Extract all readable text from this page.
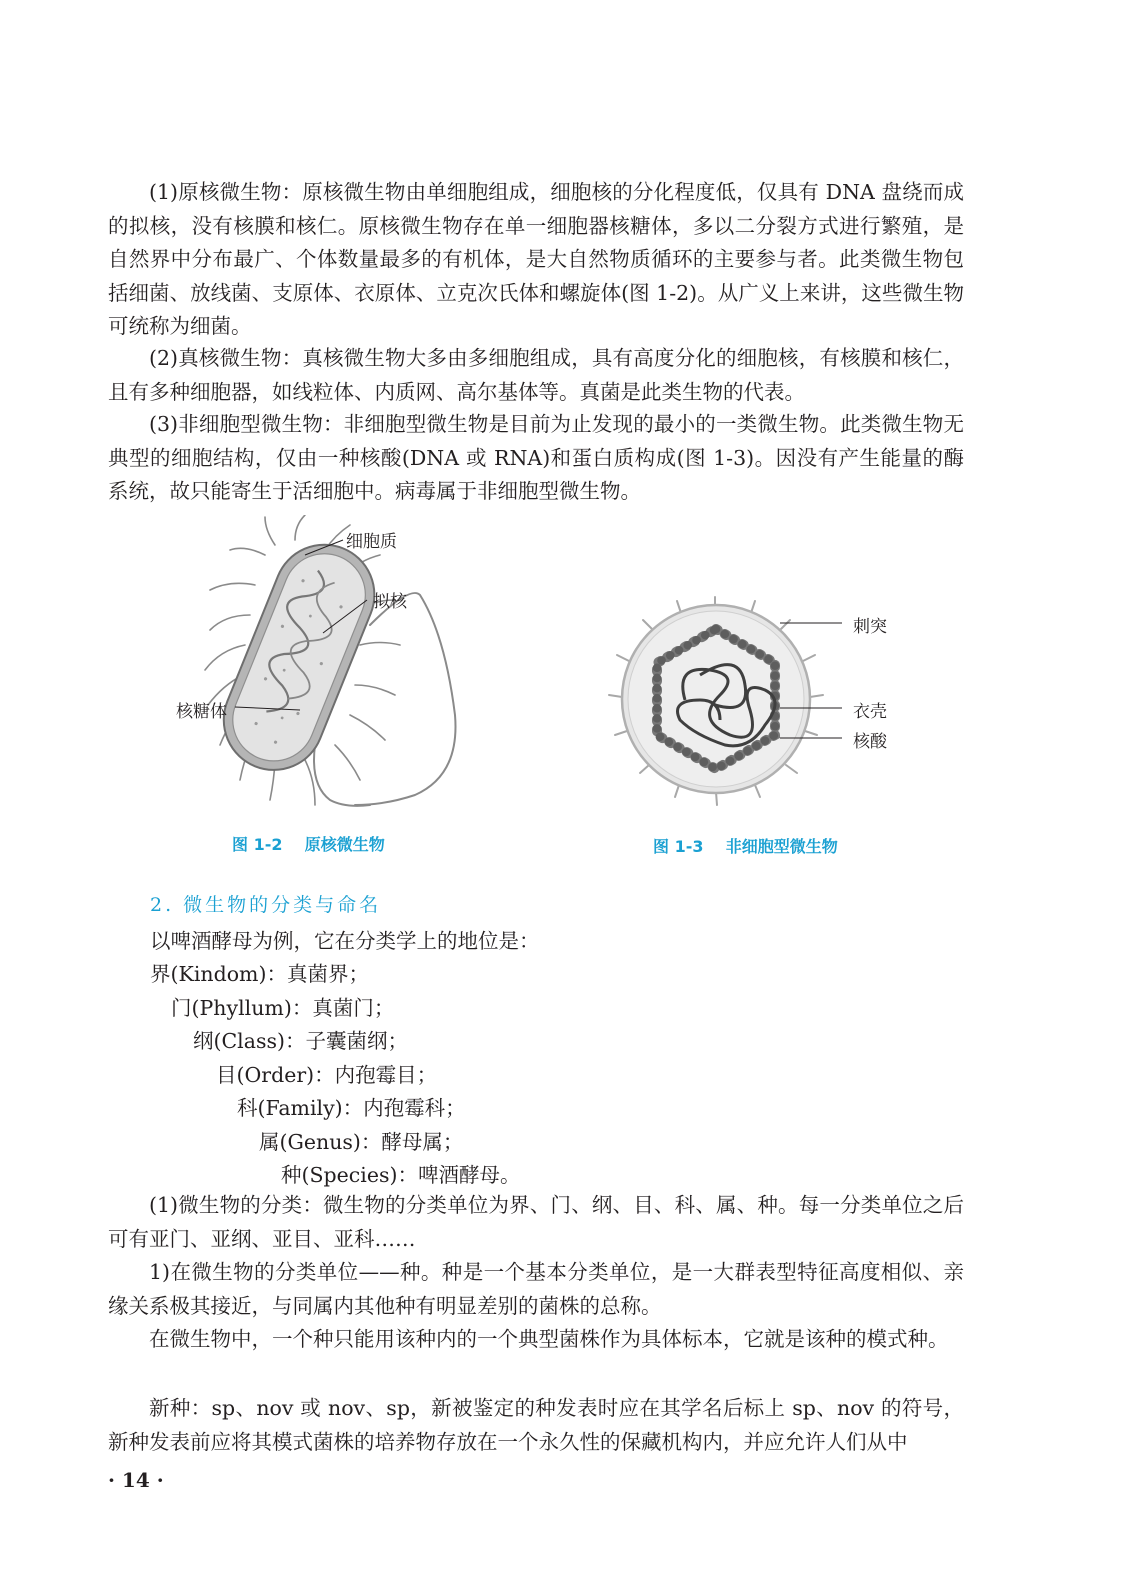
(1)原核微生物：原核微生物由单细胞组成，细胞核的分化程度低，仅具有 DNA 盘绕而成的拟核，没有核膜和核仁。原核微生物存在单一细胞器核糖体，多以二分裂方式进行繁殖，是自然界中分布最广、个体数量最多的有机体，是大自然物质循环的主要参与者。此类微生物包括细菌、放线菌、支原体、衣原体、立克次氏体和螺旋体(图 1-2)。从广义上来讲，这些微生物可统称为细菌。

(2)真核微生物：真核微生物大多由多细胞组成，具有高度分化的细胞核，有核膜和核仁，且有多种细胞器，如线粒体、内质网、高尔基体等。真菌是此类生物的代表。

(3)非细胞型微生物：非细胞型微生物是目前为止发现的最小的一类微生物。此类微生物无典型的细胞结构，仅由一种核酸(DNA 或 RNA)和蛋白质构成(图 1-3)。因没有产生能量的酶系统，故只能寄生于活细胞中。病毒属于非细胞型微生物。

细胞质
拟核
核糖体
图 1-2 原核微生物
刺突
衣壳
核酸
图 1-3 非细胞型微生物
2. 微生物的分类与命名

以啤酒酵母为例，它在分类学上的地位是：

界(Kindom)：真菌界；

门(Phyllum)：真菌门；

纲(Class)：子囊菌纲；

目(Order)：内孢霉目；

科(Family)：内孢霉科；

属(Genus)：酵母属；

种(Species)：啤酒酵母。

(1)微生物的分类：微生物的分类单位为界、门、纲、目、科、属、种。每一分类单位之后可有亚门、亚纲、亚目、亚科……

1)在微生物的分类单位——种。种是一个基本分类单位，是一大群表型特征高度相似、亲缘关系极其接近，与同属内其他种有明显差别的菌株的总称。

在微生物中，一个种只能用该种内的一个典型菌株作为具体标本，它就是该种的模式种。

新种：sp、nov 或 nov、sp，新被鉴定的种发表时应在其学名后标上 sp、nov 的符号，新种发表前应将其模式菌株的培养物存放在一个永久性的保藏机构内，并应允许人们从中

· 14 ·
